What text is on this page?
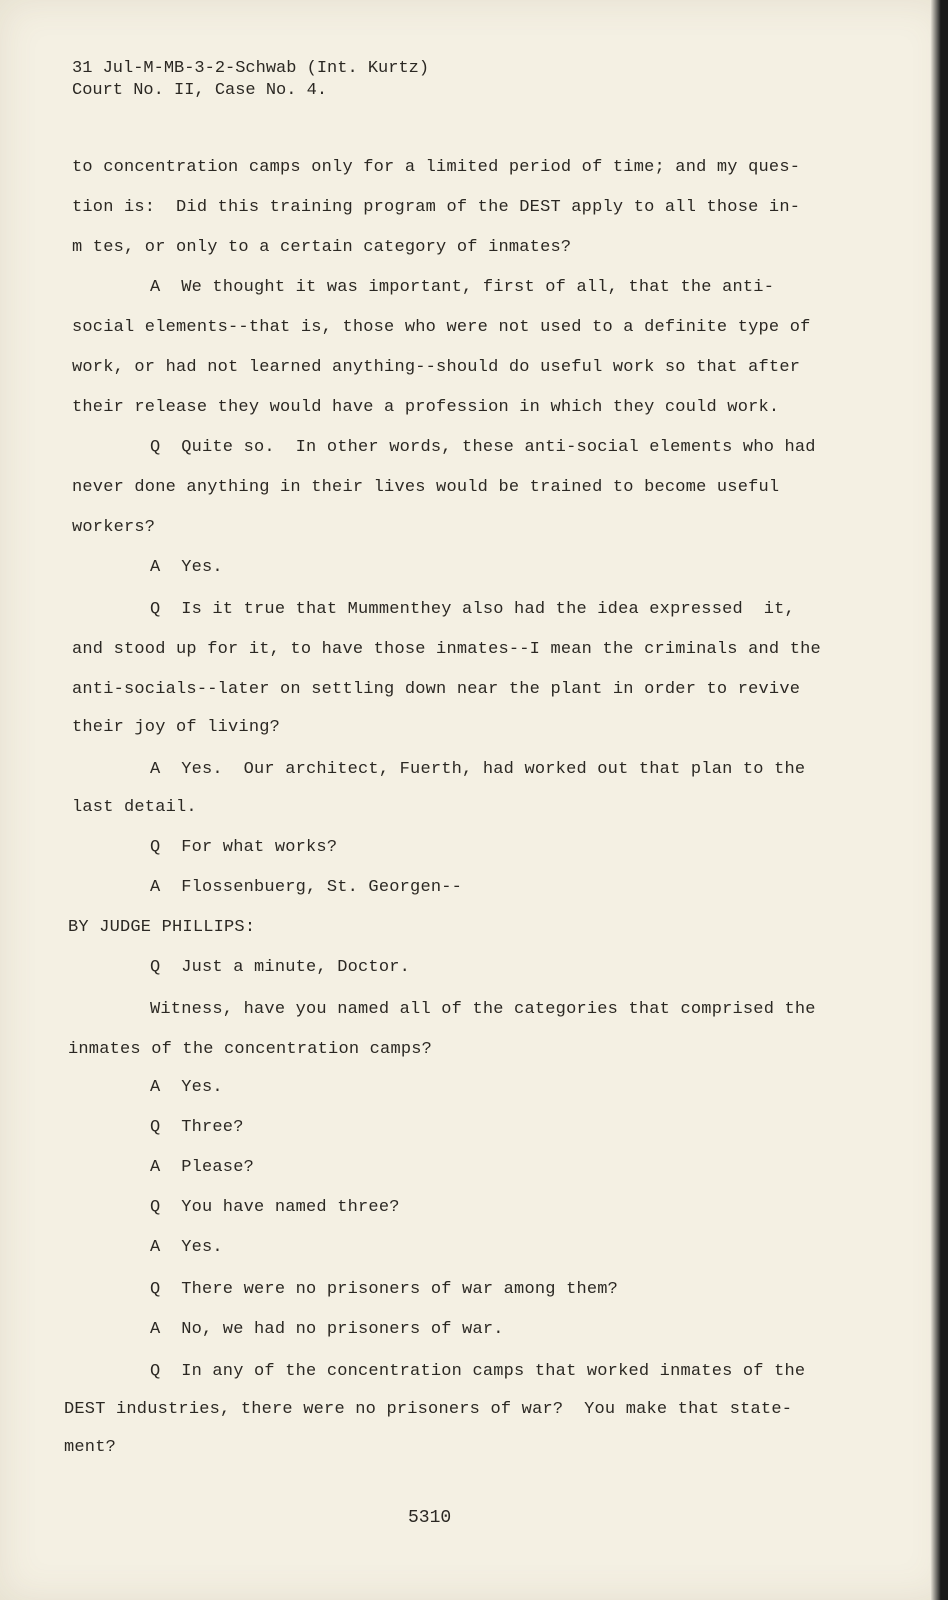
31 Jul-M-MB-3-2-Schwab (Int. Kurtz)
Court No. II, Case No. 4.
to concentration camps only for a limited period of time; and my ques-
tion is:  Did this training program of the DEST apply to all those in-
m tes, or only to a certain category of inmates?
A  We thought it was important, first of all, that the anti-
social elements--that is, those who were not used to a definite type of
work, or had not learned anything--should do useful work so that after
their release they would have a profession in which they could work.
Q  Quite so.  In other words, these anti-social elements who had
never done anything in their lives would be trained to become useful
workers?
A  Yes.
Q  Is it true that Mummenthey also had the idea expressed  it,
and stood up for it, to have those inmates--I mean the criminals and the
anti-socials--later on settling down near the plant in order to revive
their joy of living?
A  Yes.  Our architect, Fuerth, had worked out that plan to the
last detail.
Q  For what works?
A  Flossenbuerg, St. Georgen--
BY JUDGE PHILLIPS:
Q  Just a minute, Doctor.
Witness, have you named all of the categories that comprised the
inmates of the concentration camps?
A  Yes.
Q  Three?
A  Please?
Q  You have named three?
A  Yes.
Q  There were no prisoners of war among them?
A  No, we had no prisoners of war.
Q  In any of the concentration camps that worked inmates of the
DEST industries, there were no prisoners of war?  You make that state-
ment?
5310
